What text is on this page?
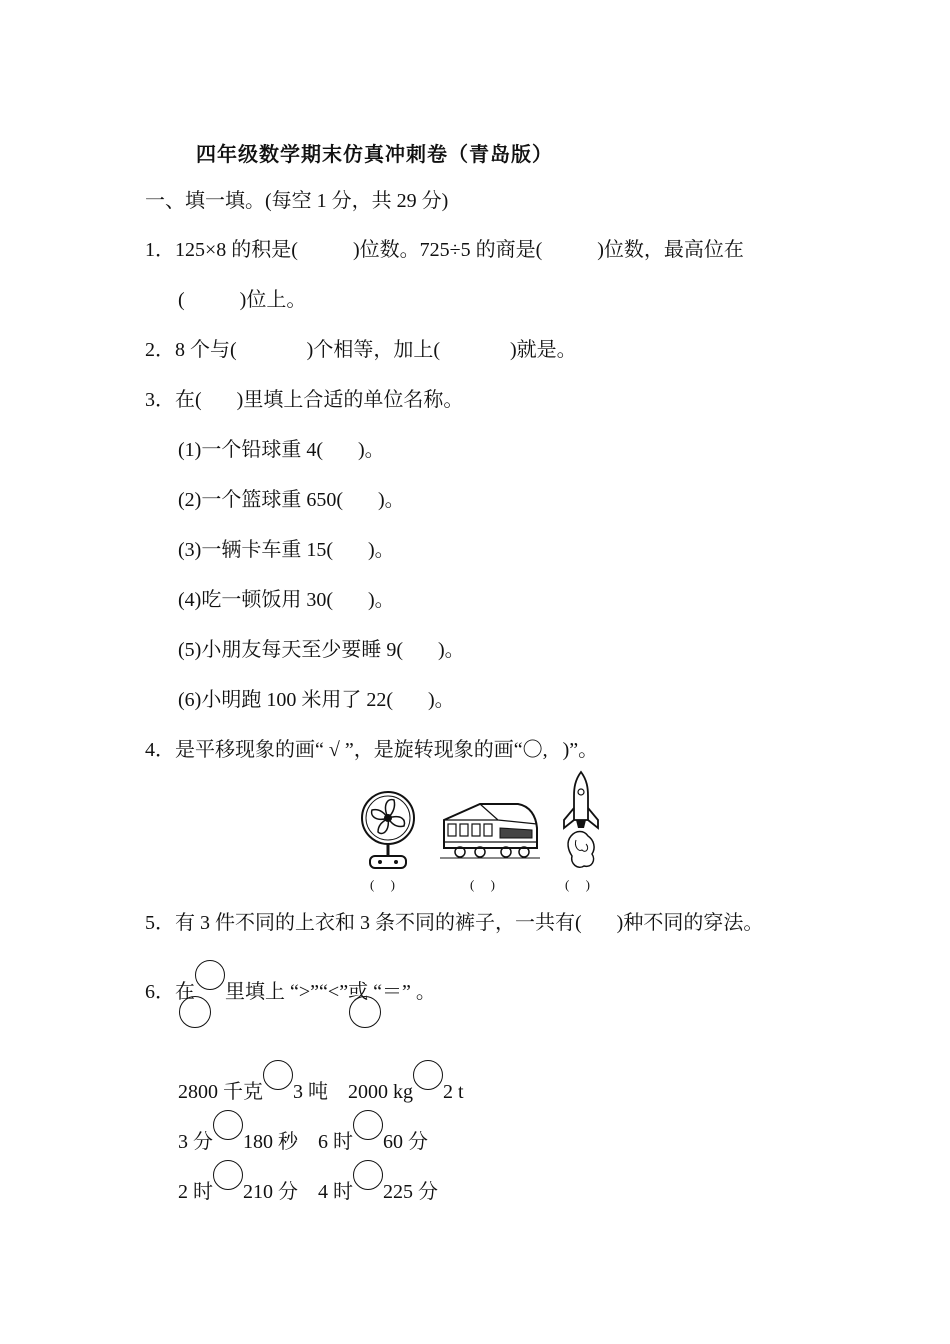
四年级数学期末仿真冲刺卷（青岛版）
一、填一填。(每空 1 分，共 29 分)
1．125×8 的积是(           )位数。725÷5 的商是(           )位数，最高位在
(           )位上。
2．8 个与(              )个相等，加上(              )就是。
3．在(       )里填上合适的单位名称。
(1)一个铅球重 4(       )。
(2)一个篮球重 650(       )。
(3)一辆卡车重 15(       )。
(4)吃一顿饭用 30(       )。
(5)小朋友每天至少要睡 9(       )。
(6)小明跑 100 米用了 22(       )。
4．是平移现象的画“ √ ”，是旋转现象的画“〇,   )”。
(     )	(     )	(     )
5．有 3 件不同的上衣和 3 条不同的裤子，一共有(       )种不同的穿法。
6．在 里填上 “>”“<”或 “＝” 。
2800 千克 3 吨 2000 kg 2 t
3 分 180 秒 6 时 60 分
2 时 210 分 4 时 225 分
